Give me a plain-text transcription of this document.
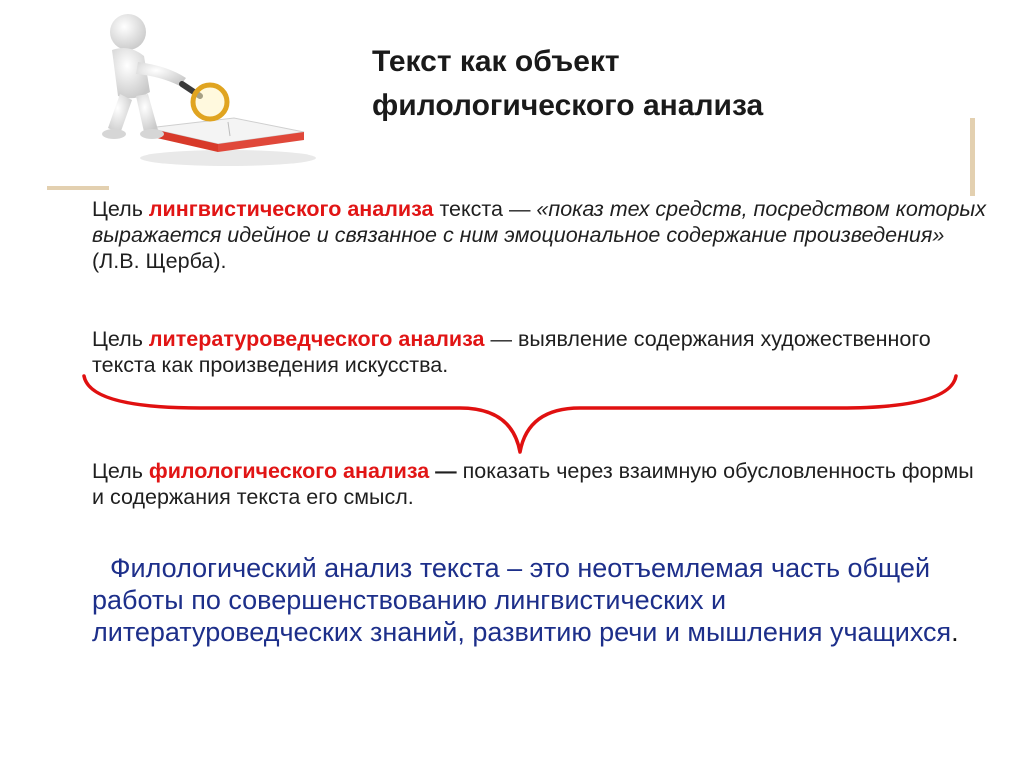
Текст как объект
филологического анализа

Цель лингвистического анализа текста — «показ тех средств, посредством которых выражается идейное и связанное с ним эмоциональное содержание произведения» (Л.В. Щерба).

Цель литературоведческого анализа — выявление содержания художественного текста как произведения искусства.

Цель филологического анализа — показать через взаимную обусловленность формы и содержания текста его смысл.

Филологический анализ текста – это неотъемлемая часть общей работы по совершенствованию лингвистических и литературоведческих знаний, развитию речи и мышления учащихся.
